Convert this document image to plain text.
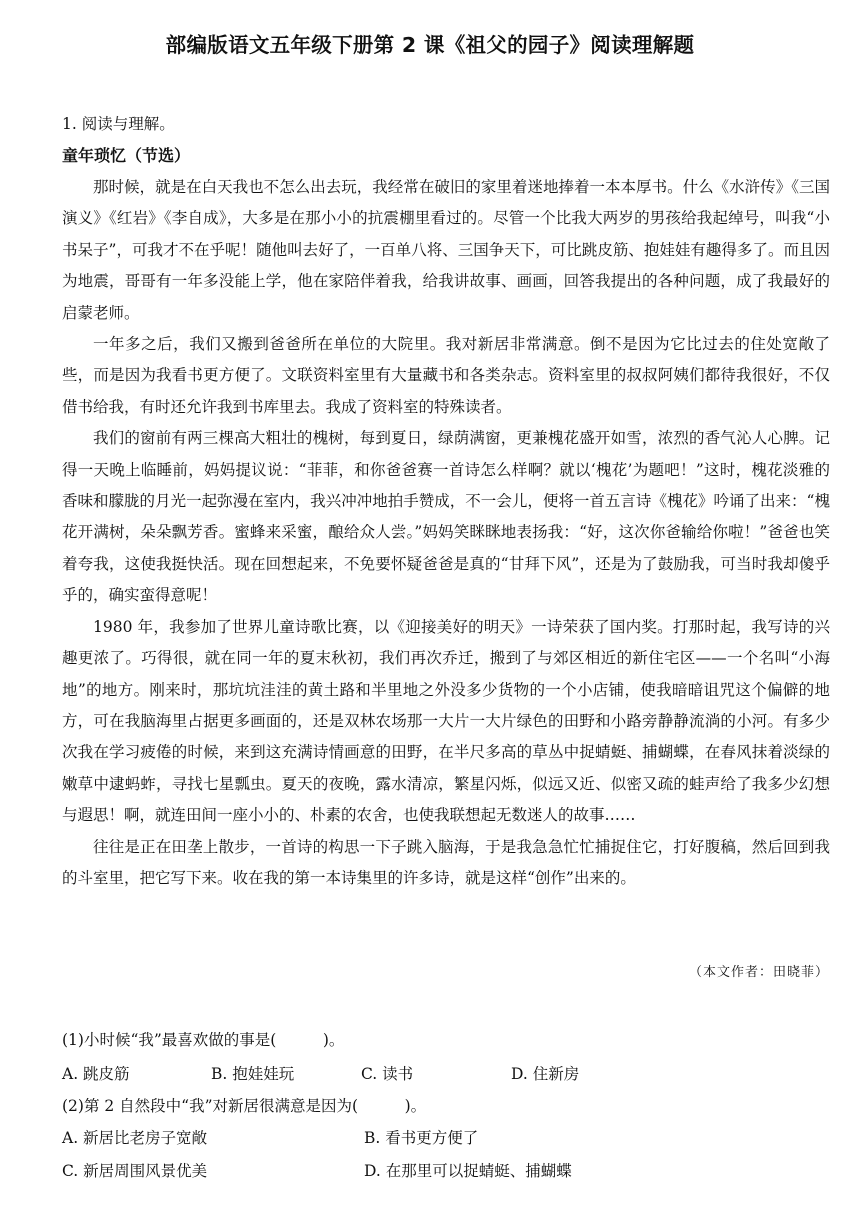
部编版语文五年级下册第 2 课《祖父的园子》阅读理解题
1. 阅读与理解。
童年琐忆（节选）

那时候，就是在白天我也不怎么出去玩，我经常在破旧的家里着迷地捧着一本本厚书。什么《水浒传》《三国演义》《红岩》《李自成》，大多是在那小小的抗震棚里看过的。尽管一个比我大两岁的男孩给我起绰号，叫我“小书呆子”，可我才不在乎呢！随他叫去好了，一百单八将、三国争天下，可比跳皮筋、抱娃娃有趣得多了。而且因为地震，哥哥有一年多没能上学，他在家陪伴着我，给我讲故事、画画，回答我提出的各种问题，成了我最好的启蒙老师。

一年多之后，我们又搬到爸爸所在单位的大院里。我对新居非常满意。倒不是因为它比过去的住处宽敞了些，而是因为我看书更方便了。文联资料室里有大量藏书和各类杂志。资料室里的叔叔阿姨们都待我很好，不仅借书给我，有时还允许我到书库里去。我成了资料室的特殊读者。

我们的窗前有两三棵高大粗壮的槐树，每到夏日，绿荫满窗，更兼槐花盛开如雪，浓烈的香气沁人心脾。记得一天晚上临睡前，妈妈提议说：“菲菲，和你爸爸赛一首诗怎么样啊？就以‘槐花’为题吧！”这时，槐花淡雅的香味和朦胧的月光一起弥漫在室内，我兴冲冲地拍手赞成，不一会儿，便将一首五言诗《槐花》吟诵了出来：“槐花开满树，朵朵飘芳香。蜜蜂来采蜜，酿给众人尝。”妈妈笑眯眯地表扬我：“好，这次你爸输给你啦！”爸爸也笑着夸我，这使我挺快活。现在回想起来，不免要怀疑爸爸是真的“甘拜下风”，还是为了鼓励我，可当时我却傻乎乎的，确实蛮得意呢！

1980 年，我参加了世界儿童诗歌比赛，以《迎接美好的明天》一诗荣获了国内奖。打那时起，我写诗的兴趣更浓了。巧得很，就在同一年的夏末秋初，我们再次乔迁，搬到了与郊区相近的新住宅区——一个名叫“小海地”的地方。刚来时，那坑坑洼洼的黄土路和半里地之外没多少货物的一个小店铺，使我暗暗诅咒这个偏僻的地方，可在我脑海里占据更多画面的，还是双林农场那一大片一大片绿色的田野和小路旁静静流淌的小河。有多少次我在学习疲倦的时候，来到这充满诗情画意的田野，在半尺多高的草丛中捉蜻蜓、捕蝴蝶，在春风抹着淡绿的嫩草中逮蚂蚱，寻找七星瓢虫。夏天的夜晚，露水清凉，繁星闪烁，似远又近、似密又疏的蛙声给了我多少幻想与遐思！啊，就连田间一座小小的、朴素的农舍，也使我联想起无数迷人的故事……

往往是正在田垄上散步，一首诗的构思一下子跳入脑海，于是我急急忙忙捕捉住它，打好腹稿，然后回到我的斗室里，把它写下来。收在我的第一本诗集里的许多诗，就是这样“创作”出来的。

（本文作者：田晓菲）
(1)小时候“我”最喜欢做的事是(　　　)。
A. 跳皮筋	B. 抱娃娃玩	C. 读书	D. 住新房
(2)第 2 自然段中“我”对新居很满意是因为(　　　)。
A. 新居比老房子宽敞	B. 看书更方便了
C. 新居周围风景优美	D. 在那里可以捉蜻蜓、捕蝴蝶
